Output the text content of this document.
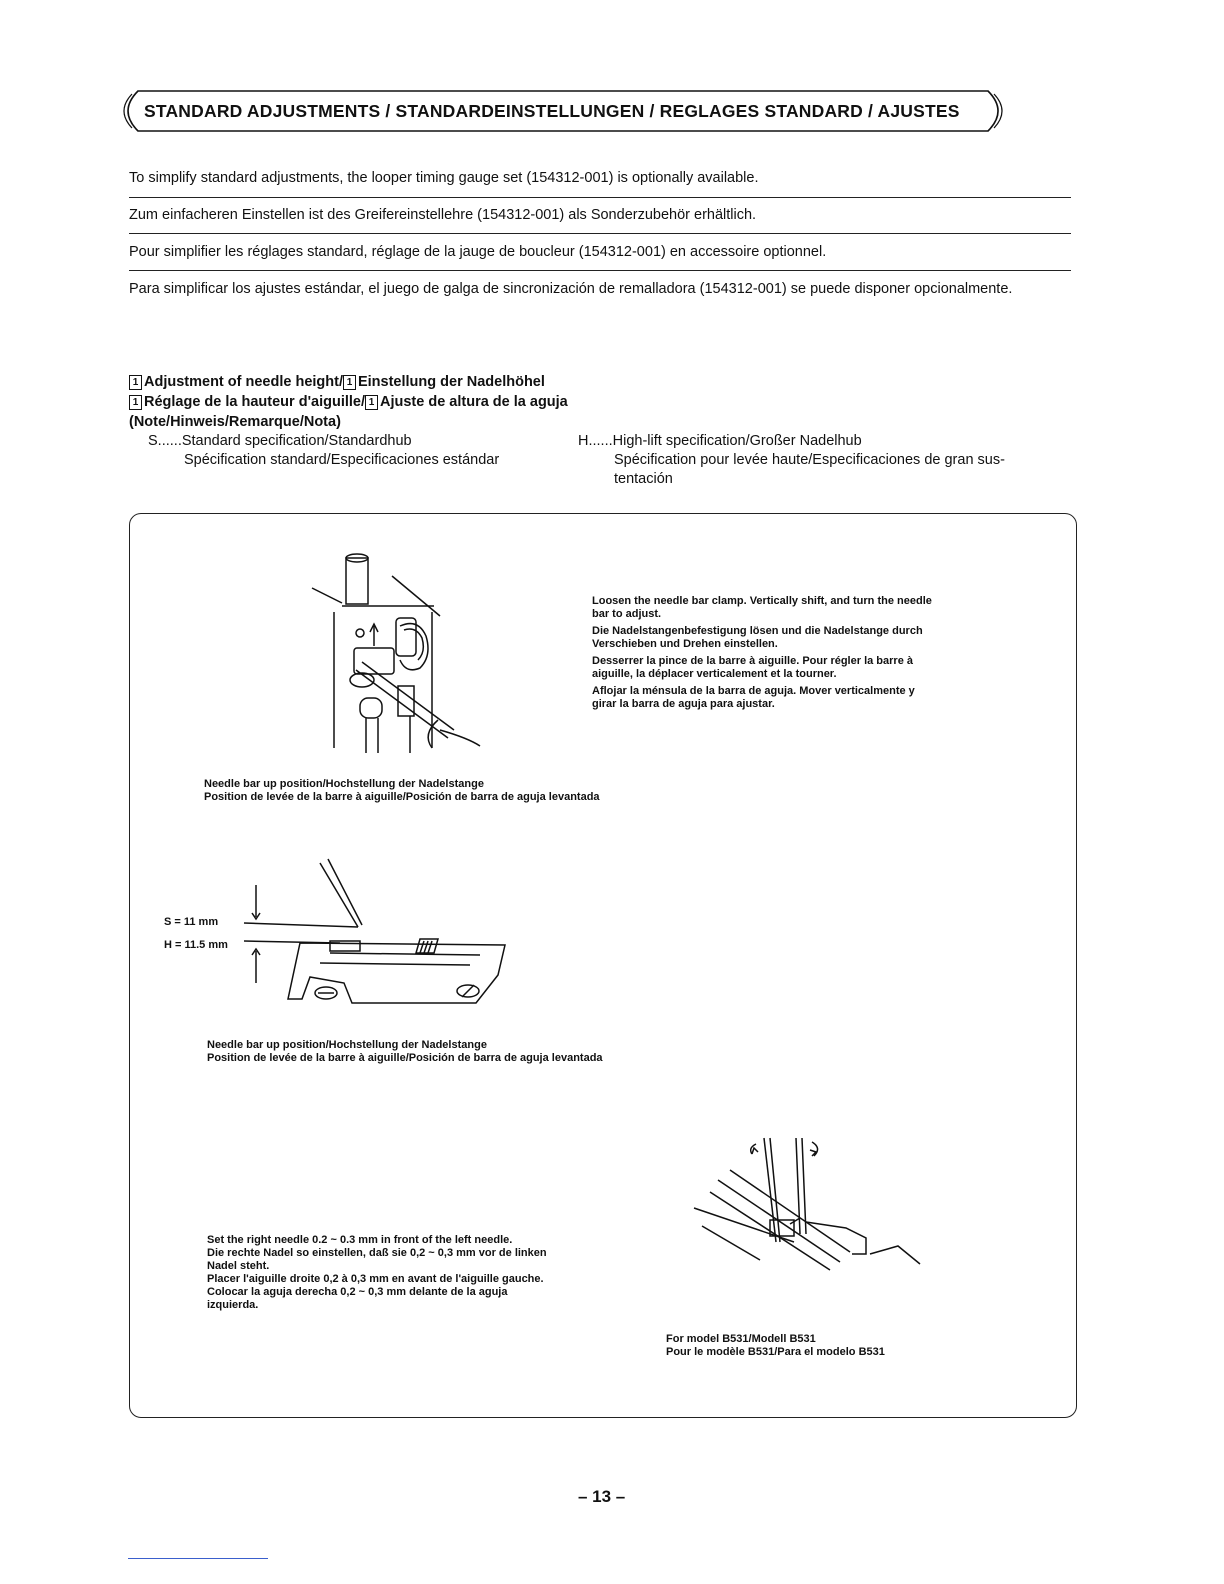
STANDARD ADJUSTMENTS / STANDARDEINSTELLUNGEN / REGLAGES STANDARD / AJUSTES
To simplify standard adjustments, the looper timing gauge set (154312-001) is optionally available.
Zum einfacheren Einstellen ist des Greifereinstellehre (154312-001) als Sonderzubehör erhältlich.
Pour simplifier les réglages standard, réglage de la jauge de boucleur (154312-001) en accessoire optionnel.
Para simplificar los ajustes estándar, el juego de galga de sincronización de remalladora (154312-001) se puede disponer opcionalmente.
1 Adjustment of needle height/ 1 Einstellung der Nadelhöhel
1 Réglage de la hauteur d'aiguille/ 1 Ajuste de altura de la aguja
(Note/Hinweis/Remarque/Nota)
S......Standard specification/Standardhub
Spécification standard/Especificaciones estándar
H......High-lift specification/Großer Nadelhub
Spécification pour levée haute/Especificaciones de gran sus-
tentación
Loosen the needle bar clamp. Vertically shift, and turn the needle
bar to adjust.
Die Nadelstangenbefestigung lösen und die Nadelstange durch
Verschieben und Drehen einstellen.
Desserrer la pince de la barre à aiguille. Pour régler la barre à
aiguille, la déplacer verticalement et la tourner.
Aflojar la ménsula de la barra de aguja. Mover verticalmente y
girar la barra de aguja para ajustar.
Needle bar up position/Hochstellung der Nadelstange
Position de levée de la barre à aiguille/Posición de barra de aguja levantada
S = 11 mm
H = 11.5 mm
Needle bar up position/Hochstellung der Nadelstange
Position de levée de la barre à aiguille/Posición de barra de aguja levantada
Set the right needle 0.2 ~ 0.3 mm in front of the left needle.
Die rechte Nadel so einstellen, daß sie 0,2 ~ 0,3 mm vor de linken
Nadel steht.
Placer l'aiguille droite 0,2 à 0,3 mm en avant de l'aiguille gauche.
Colocar la aguja derecha 0,2 ~ 0,3 mm delante de la aguja
izquierda.
For model B531/Modell B531
Pour le modèle B531/Para el modelo B531
– 13 –
